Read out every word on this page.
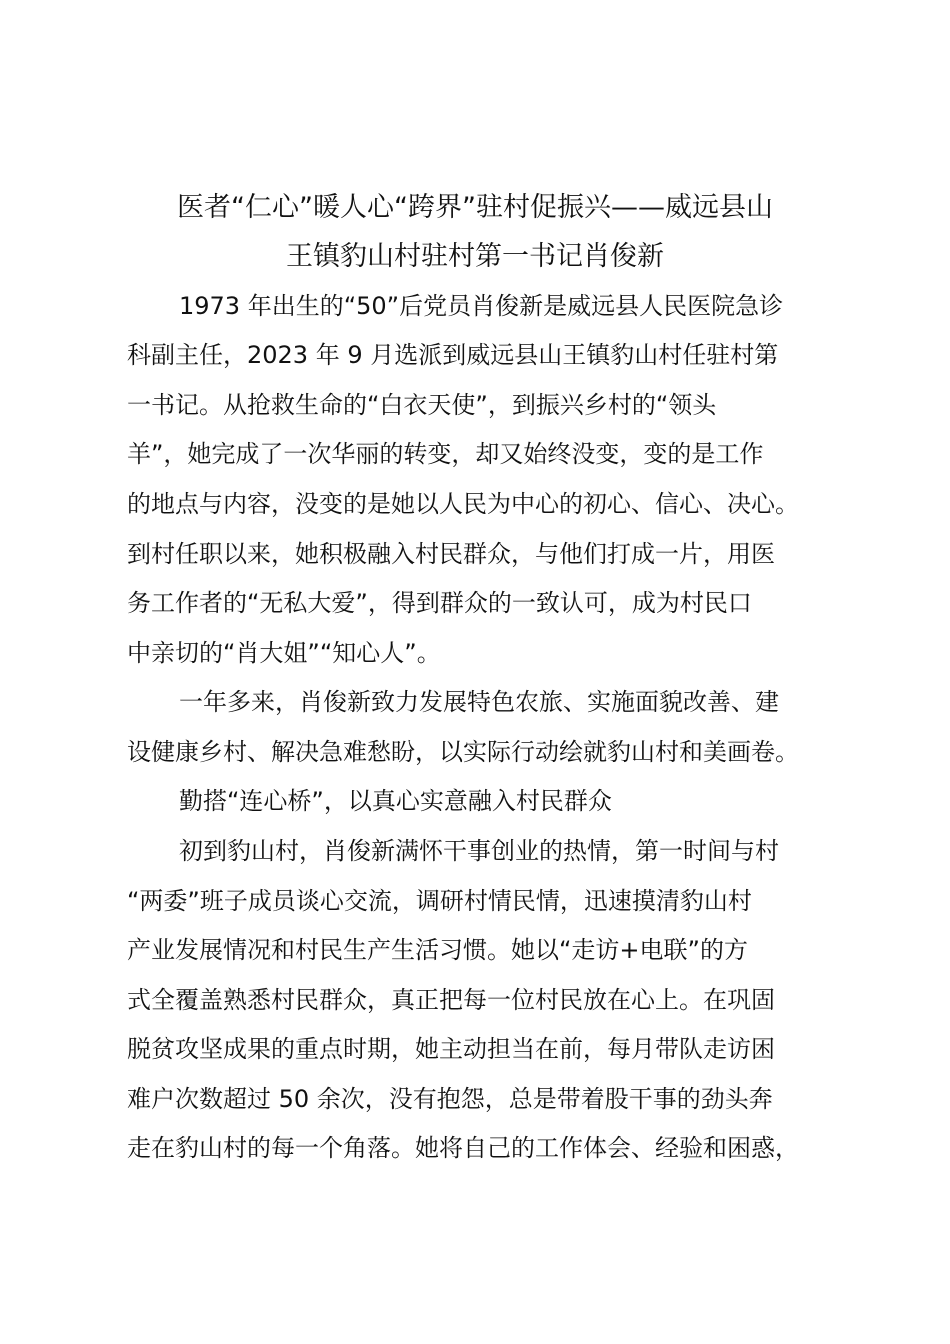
医者“仁心”暖人心“跨界”驻村促振兴——威远县山
王镇豹山村驻村第一书记肖俊新
1973 年出生的“50”后党员肖俊新是威远县人民医院急诊
科副主任，2023 年 9 月选派到威远县山王镇豹山村任驻村第
一书记。从抢救生命的“白衣天使”，到振兴乡村的“领头
羊”，她完成了一次华丽的转变，却又始终没变，变的是工作
的地点与内容，没变的是她以人民为中心的初心、信心、决心。
到村任职以来，她积极融入村民群众，与他们打成一片，用医
务工作者的“无私大爱”，得到群众的一致认可，成为村民口
中亲切的“肖大姐”“知心人”。
一年多来，肖俊新致力发展特色农旅、实施面貌改善、建
设健康乡村、解决急难愁盼，以实际行动绘就豹山村和美画卷。
勤搭“连心桥”，以真心实意融入村民群众
初到豹山村，肖俊新满怀干事创业的热情，第一时间与村
“两委”班子成员谈心交流，调研村情民情，迅速摸清豹山村
产业发展情况和村民生产生活习惯。她以“走访+电联”的方
式全覆盖熟悉村民群众，真正把每一位村民放在心上。在巩固
脱贫攻坚成果的重点时期，她主动担当在前，每月带队走访困
难户次数超过 50 余次，没有抱怨，总是带着股干事的劲头奔
走在豹山村的每一个角落。她将自己的工作体会、经验和困惑，
